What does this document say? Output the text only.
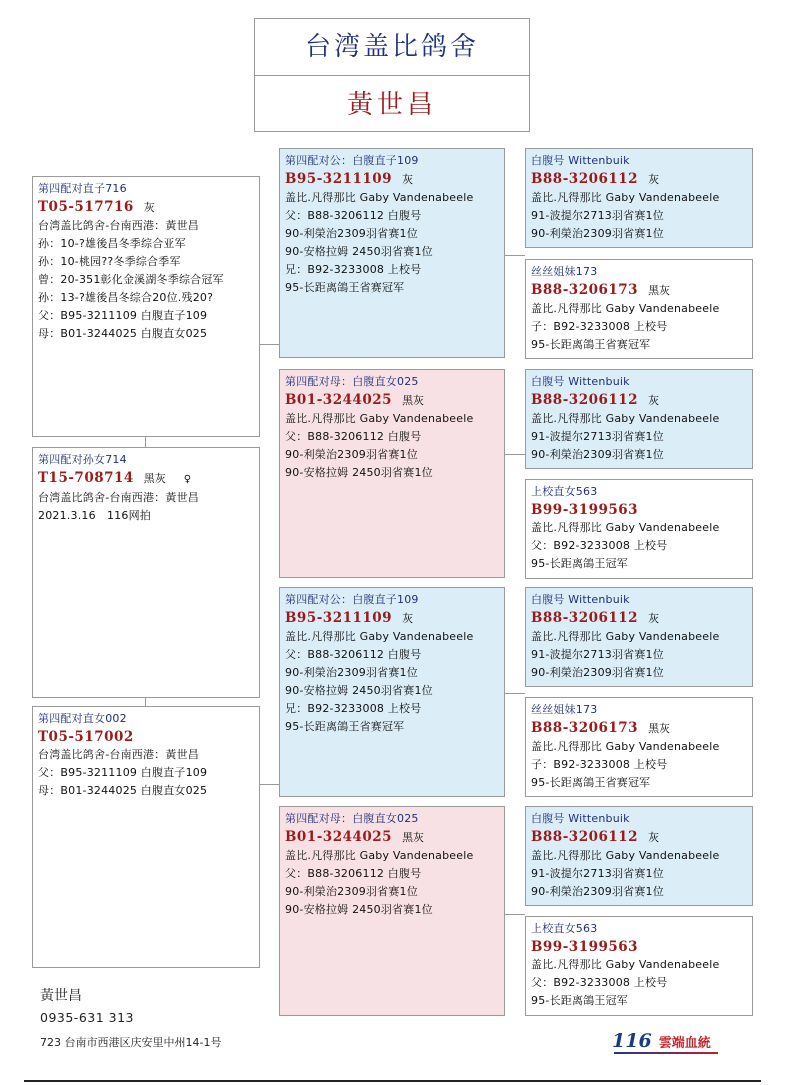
台湾盖比鸽舍
黃世昌
第四配对直子716
T05-517716 灰
台湾盖比鸽舍-台南西港：黃世昌
孙：10-?雄後昌冬季综合亚军
孙：10-桃园??冬季综合季军
曾：20-351彰化金溪湖冬季综合冠军
孙：13-?雄後昌冬综合20位.残20?
父：B95-3211109 白腹直子109
母：B01-3244025 白腹直女025
第四配对孙女714
T15-708714 黑灰 ♀
台湾盖比鸽舍-台南西港：黃世昌
2021.3.16　116网拍
第四配对直女002
T05-517002
台湾盖比鸽舍-台南西港：黃世昌
父：B95-3211109 白腹直子109
母：B01-3244025 白腹直女025
第四配对公：白腹直子109
B95-3211109 灰
盖比.凡得那比 Gaby Vandenabeele
父：B88-3206112 白腹号
90-利榮治2309羽省赛1位
90-安格拉姆 2450羽省赛1位
兄：B92-3233008 上校号
95-长距离鴿王省赛冠军
第四配对母：白腹直女025
B01-3244025 黑灰
盖比.凡得那比 Gaby Vandenabeele
父：B88-3206112 白腹号
90-利榮治2309羽省赛1位
90-安格拉姆 2450羽省赛1位
第四配对公：白腹直子109
B95-3211109 灰
盖比.凡得那比 Gaby Vandenabeele
父：B88-3206112 白腹号
90-利榮治2309羽省赛1位
90-安格拉姆 2450羽省赛1位
兄：B92-3233008 上校号
95-长距离鴿王省赛冠军
第四配对母：白腹直女025
B01-3244025 黑灰
盖比.凡得那比 Gaby Vandenabeele
父：B88-3206112 白腹号
90-利榮治2309羽省赛1位
90-安格拉姆 2450羽省赛1位
白腹号 Wittenbuik
B88-3206112 灰
盖比.凡得那比 Gaby Vandenabeele
91-波提尔2713羽省赛1位
90-利榮治2309羽省赛1位
丝丝姐妹173
B88-3206173 黑灰
盖比.凡得那比 Gaby Vandenabeele
子：B92-3233008 上校号
95-长距离鴿王省赛冠军
白腹号 Wittenbuik
B88-3206112 灰
盖比.凡得那比 Gaby Vandenabeele
91-波提尔2713羽省赛1位
90-利榮治2309羽省赛1位
上校直女563
B99-3199563
盖比.凡得那比 Gaby Vandenabeele
父：B92-3233008 上校号
95-长距离鴿王冠军
白腹号 Wittenbuik
B88-3206112 灰
盖比.凡得那比 Gaby Vandenabeele
91-波提尔2713羽省赛1位
90-利榮治2309羽省赛1位
丝丝姐妹173
B88-3206173 黑灰
盖比.凡得那比 Gaby Vandenabeele
子：B92-3233008 上校号
95-长距离鴿王省赛冠军
白腹号 Wittenbuik
B88-3206112 灰
盖比.凡得那比 Gaby Vandenabeele
91-波提尔2713羽省赛1位
90-利榮治2309羽省赛1位
上校直女563
B99-3199563
盖比.凡得那比 Gaby Vandenabeele
父：B92-3233008 上校号
95-长距离鴿王冠军
黃世昌
0935-631 313
723 台南市西港区庆安里中州14-1号	116 雲端血統
